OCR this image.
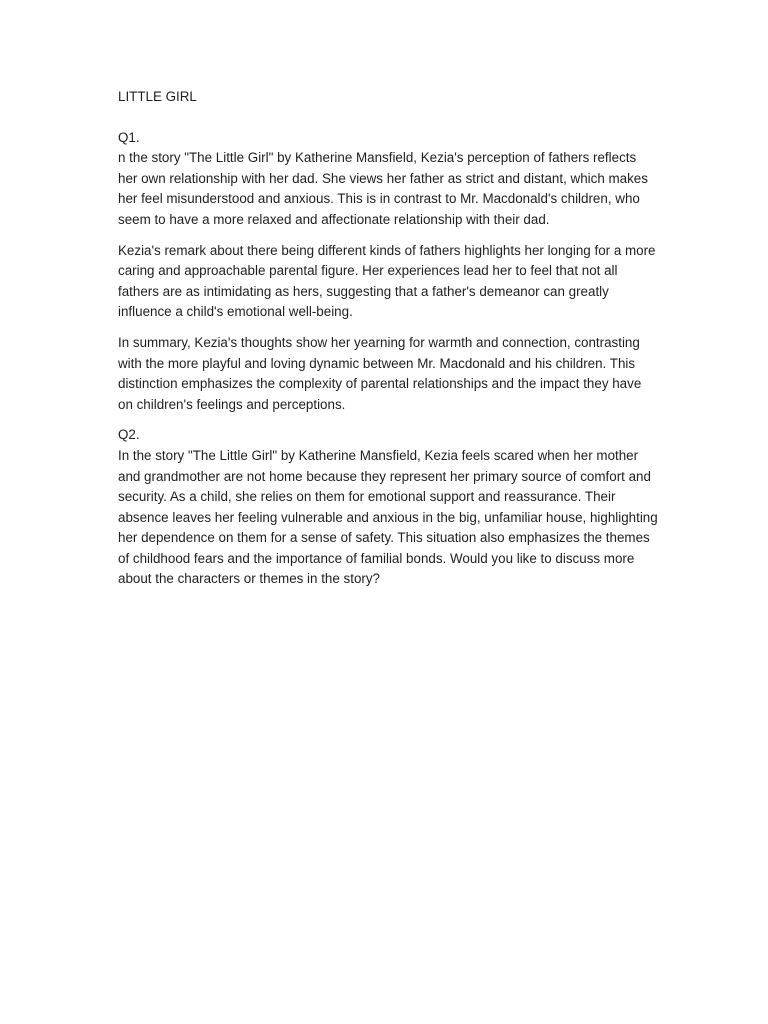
LITTLE GIRL

Q1.

n the story "The Little Girl" by Katherine Mansfield, Kezia's perception of fathers reflects her own relationship with her dad. She views her father as strict and distant, which makes her feel misunderstood and anxious. This is in contrast to Mr. Macdonald's children, who seem to have a more relaxed and affectionate relationship with their dad.

Kezia's remark about there being different kinds of fathers highlights her longing for a more caring and approachable parental figure. Her experiences lead her to feel that not all fathers are as intimidating as hers, suggesting that a father's demeanor can greatly influence a child's emotional well-being.

In summary, Kezia's thoughts show her yearning for warmth and connection, contrasting with the more playful and loving dynamic between Mr. Macdonald and his children. This distinction emphasizes the complexity of parental relationships and the impact they have on children's feelings and perceptions.

Q2.

In the story "The Little Girl" by Katherine Mansfield, Kezia feels scared when her mother and grandmother are not home because they represent her primary source of comfort and security. As a child, she relies on them for emotional support and reassurance. Their absence leaves her feeling vulnerable and anxious in the big, unfamiliar house, highlighting her dependence on them for a sense of safety. This situation also emphasizes the themes of childhood fears and the importance of familial bonds. Would you like to discuss more about the characters or themes in the story?
